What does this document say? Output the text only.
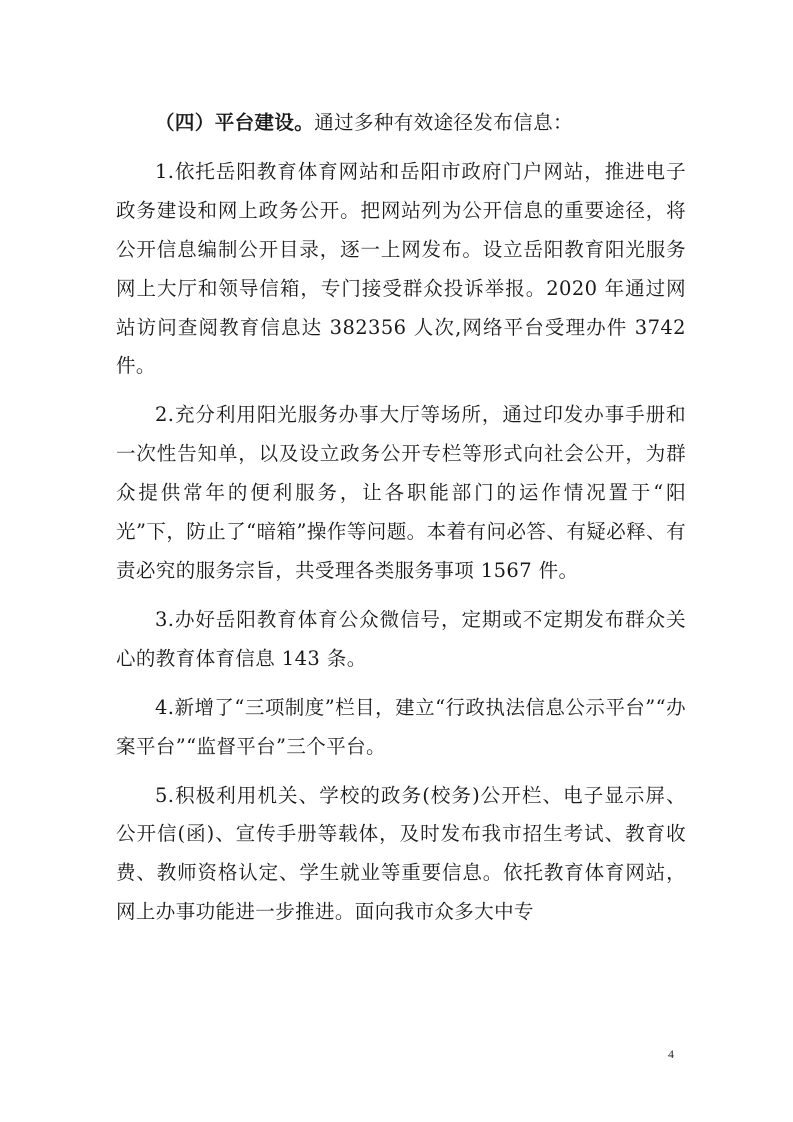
（四）平台建设。通过多种有效途径发布信息：

1.依托岳阳教育体育网站和岳阳市政府门户网站，推进电子政务建设和网上政务公开。把网站列为公开信息的重要途径，将公开信息编制公开目录，逐一上网发布。设立岳阳教育阳光服务网上大厅和领导信箱，专门接受群众投诉举报。2020 年通过网站访问查阅教育信息达 382356 人次,网络平台受理办件 3742 件。

2.充分利用阳光服务办事大厅等场所，通过印发办事手册和一次性告知单，以及设立政务公开专栏等形式向社会公开，为群众提供常年的便利服务，让各职能部门的运作情况置于“阳光”下，防止了“暗箱”操作等问题。本着有问必答、有疑必释、有责必究的服务宗旨，共受理各类服务事项 1567 件。

3.办好岳阳教育体育公众微信号，定期或不定期发布群众关心的教育体育信息 143 条。

4.新增了“三项制度”栏目，建立“行政执法信息公示平台”“办案平台”“监督平台”三个平台。

5.积极利用机关、学校的政务(校务)公开栏、电子显示屏、公开信(函)、宣传手册等载体，及时发布我市招生考试、教育收费、教师资格认定、学生就业等重要信息。依托教育体育网站，网上办事功能进一步推进。面向我市众多大中专

4
